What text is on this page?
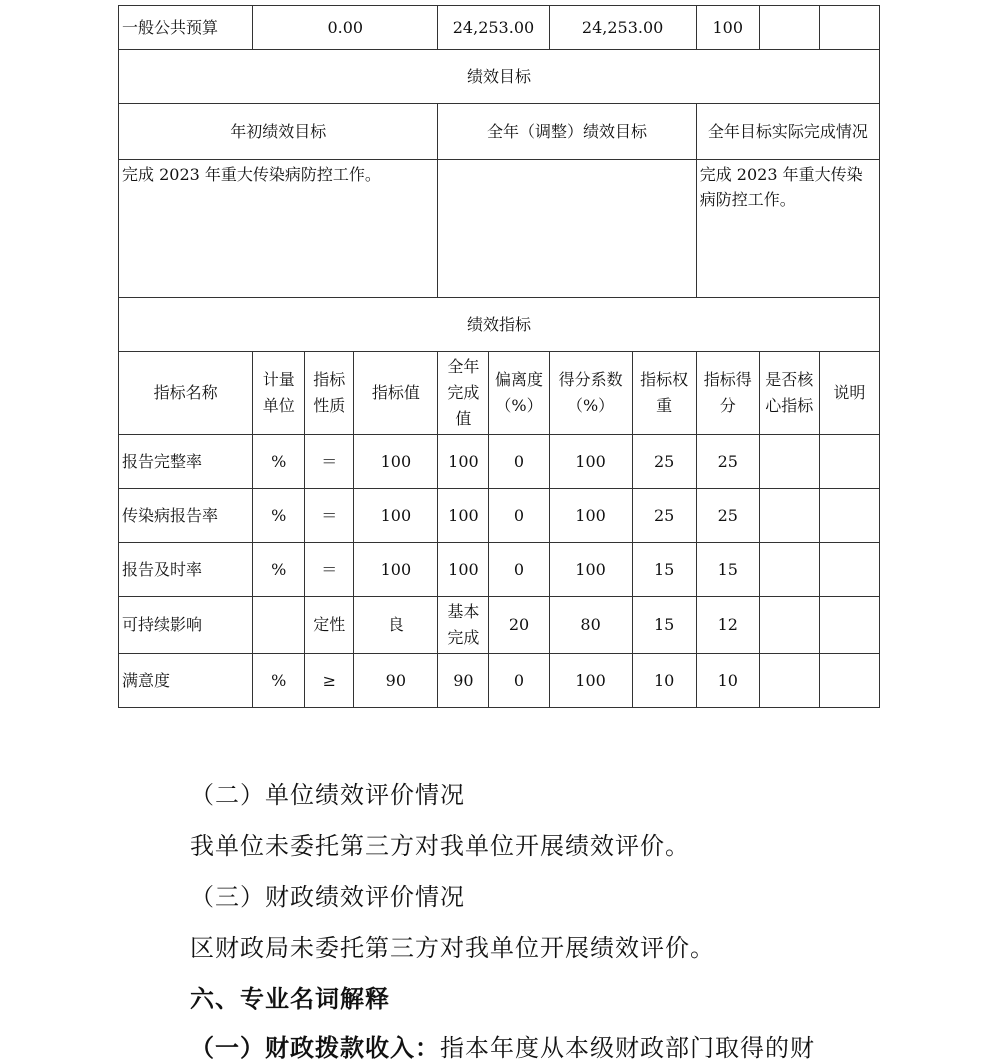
一般公共预算	0.00			24,253.00		24,253.00		100		
绩效目标										
年初绩效目标				全年（调整）绩效目标				全年目标实际完成情况		
完成 2023 年重大传染病防控工作。								完成 2023 年重大传染病防控工作。		
绩效指标										
指标名称	计量单位	指标性质	指标值	全年完成值	偏离度（%）	得分系数（%）	指标权重	指标得分	是否核心指标	说明
报告完整率	%	＝	100	100	0	100	25	25		
传染病报告率	%	＝	100	100	0	100	25	25		
报告及时率	%	＝	100	100	0	100	15	15		
可持续影响		定性	良	基本完成	20	80	15	12		
满意度	%	≥	90	90	0	100	10	10		
（二）单位绩效评价情况
我单位未委托第三方对我单位开展绩效评价。
（三）财政绩效评价情况
区财政局未委托第三方对我单位开展绩效评价。
六、专业名词解释
（一）财政拨款收入：指本年度从本级财政部门取得的财
